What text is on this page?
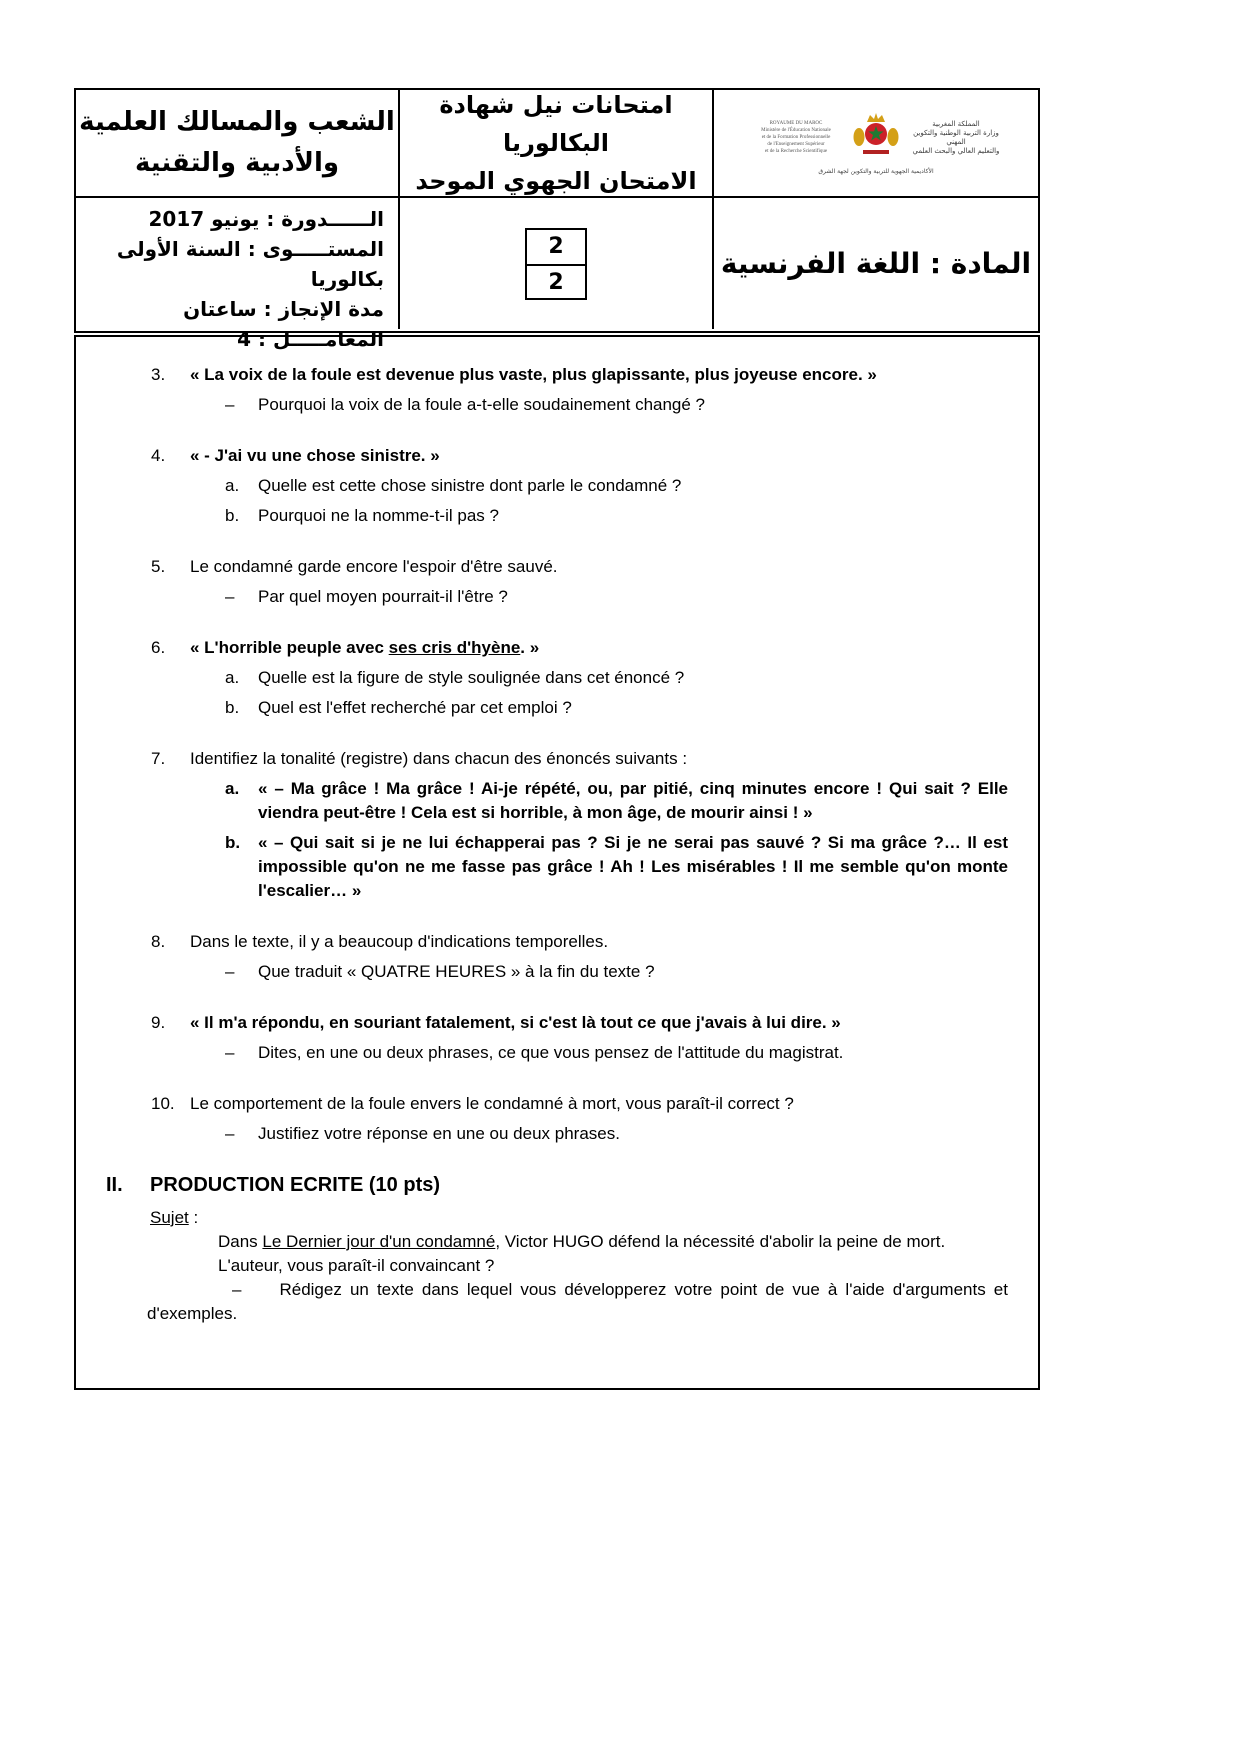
الشعب والمسالك العلمية
والأدبية والتقنية
امتحانات نيل شهادة البكالوريا
الامتحان الجهوي الموحد
ROYAUME DU MAROC
Ministère de l'Éducation Nationale
et de la Formation Professionnelle
de l'Enseignement Supérieur
et de la Recherche Scientifique
المملكة المغربية
وزارة التربية الوطنية والتكوين المهني
والتعليم العالي والبحث العلمي
الأكاديمية الجهوية للتربية والتكوين لجهة الشرق
الــــــدورة : يونيو 2017
المستـــــوى : السنة الأولى بكالوريا
مدة الإنجاز : ساعتان
المعامـــــل : 4
2
2
المادة : اللغة الفرنسية
3.	« La voix de la foule est devenue plus vaste, plus glapissante, plus joyeuse encore. »
–	Pourquoi la voix de la foule a-t-elle soudainement changé ?
4.	« - J'ai vu une chose sinistre. »
a.	Quelle est cette chose sinistre dont parle le condamné ?
b.	Pourquoi ne la nomme-t-il pas ?
5.	Le condamné garde encore l'espoir d'être sauvé.
–	Par quel moyen pourrait-il l'être ?
6.	« L'horrible peuple avec ses cris d'hyène. »
a.	Quelle est la figure de style soulignée dans cet énoncé ?
b.	Quel est l'effet recherché par cet emploi ?
7.	Identifiez la tonalité (registre) dans chacun des énoncés suivants :
a.	« – Ma grâce ! Ma grâce ! Ai-je répété, ou, par pitié, cinq minutes encore ! Qui sait ? Elle viendra peut-être ! Cela est si horrible, à mon âge, de mourir ainsi ! »
b.	« – Qui sait si je ne lui échapperai pas ? Si je ne serai pas sauvé ? Si ma grâce ?… Il est impossible qu'on ne me fasse pas grâce ! Ah ! Les misérables ! Il me semble qu'on monte l'escalier… »
8.	Dans le texte, il y a beaucoup d'indications temporelles.
–	Que traduit « QUATRE HEURES » à la fin du texte ?
9.	« Il m'a répondu, en souriant fatalement, si c'est là tout ce que j'avais à lui dire. »
–	Dites, en une ou deux phrases, ce que vous pensez de l'attitude du magistrat.
10. Le comportement de la foule envers le condamné à mort, vous paraît-il correct ?
–	Justifiez votre réponse en une ou deux phrases.
II.	PRODUCTION ECRITE (10 pts)
Sujet :
Dans Le Dernier jour d'un condamné, Victor HUGO défend la nécessité d'abolir la peine de mort.
L'auteur, vous paraît-il convaincant ?

– Rédigez un texte dans lequel vous développerez votre point de vue à l'aide d'arguments et d'exemples.
